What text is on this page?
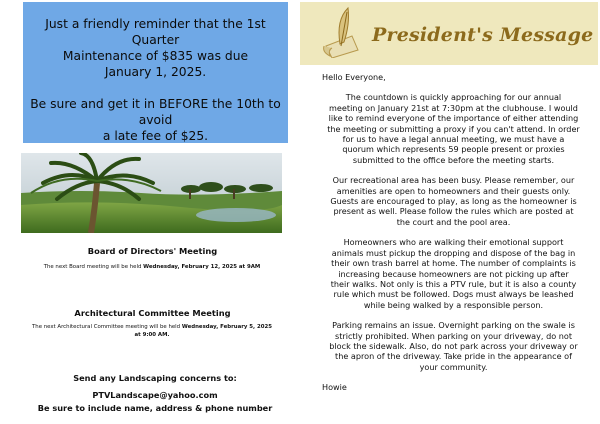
Just a friendly reminder that the 1st Quarter
Maintenance of $835 was due
January 1, 2025.

Be sure and get it in BEFORE the 10th to avoid
a late fee of $25.

Board of Directors' Meeting
The next Board meeting will be held Wednesday, February 12, 2025 at 9AM
Architectural Committee Meeting
The next Architectural Committee meeting will be held Wednesday, February 5, 2025
at 9:00 AM.
Send any Landscaping concerns to:
PTVLandscape@yahoo.com
Be sure to include name, address & phone number
President's Message

Hello Everyone,

The countdown is quickly approaching for our annual

meeting on January 21st at 7:30pm at the clubhouse. I would

like to remind everyone of the importance of either attending

the meeting or submitting a proxy if you can't attend. In order

for us to have a legal annual meeting, we must have a

quorum which represents 59 people present or proxies

submitted to the office before the meeting starts.

Our recreational area has been busy. Please remember, our

amenities are open to homeowners and their guests only.

Guests are encouraged to play, as long as the homeowner is

present as well. Please follow the rules which are posted at

the court and the pool area.

Homeowners who are walking their emotional support

animals must pickup the dropping and dispose of the bag in

their own trash barrel at home. The number of complaints is

increasing because homeowners are not picking up after

their walks. Not only is this a PTV rule, but it is also a county

rule which must be followed. Dogs must always be leashed

while being walked by a responsible person.

Parking remains an issue. Overnight parking on the swale is

strictly prohibited. When parking on your driveway, do not

block the sidewalk. Also, do not park across your driveway or

the apron of the driveway. Take pride in the appearance of

your community.

Howie
